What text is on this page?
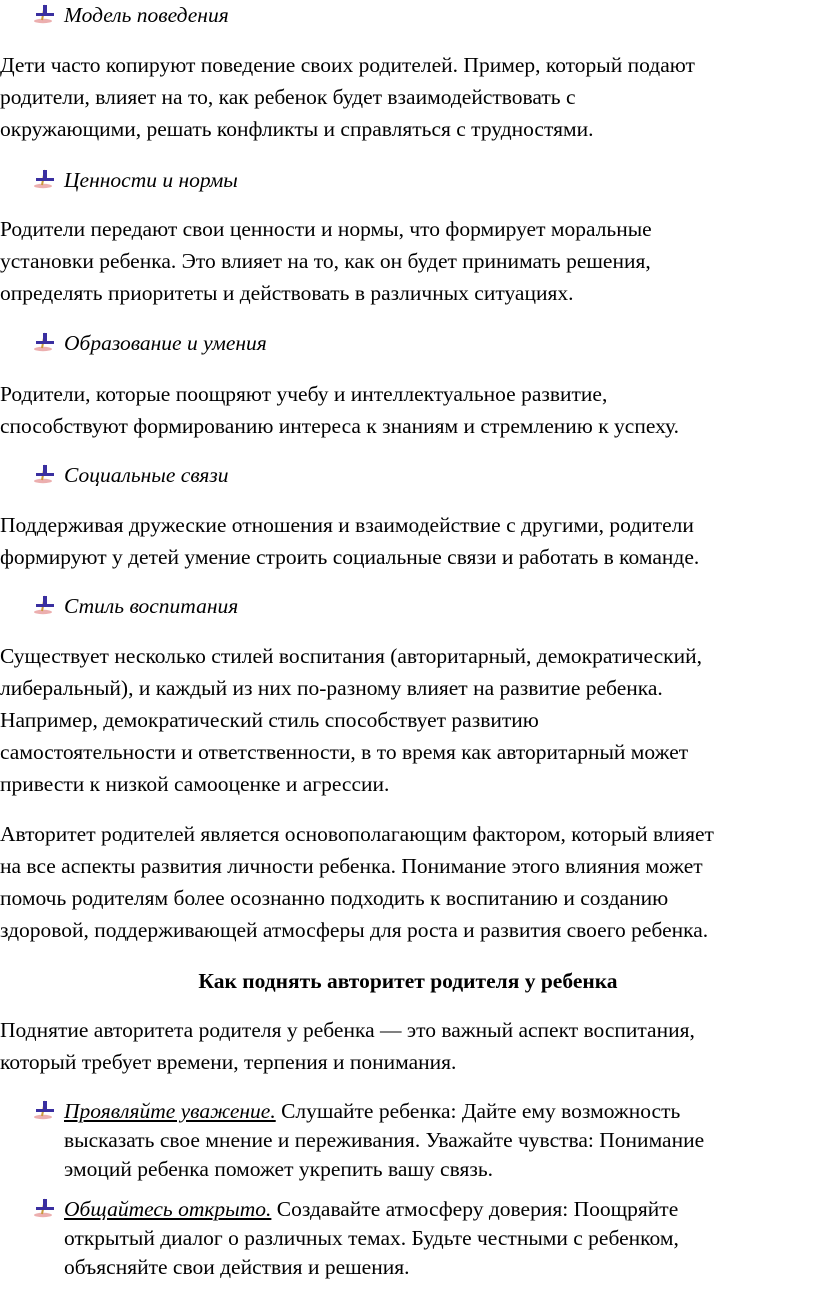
Модель поведения
Дети часто копируют поведение своих родителей. Пример, который подают
родители, влияет на то, как ребенок будет взаимодействовать с
окружающими, решать конфликты и справляться с трудностями.
Ценности и нормы
Родители передают свои ценности и нормы, что формирует моральные
установки ребенка. Это влияет на то, как он будет принимать решения,
определять приоритеты и действовать в различных ситуациях.
Образование и умения
Родители, которые поощряют учебу и интеллектуальное развитие,
способствуют формированию интереса к знаниям и стремлению к успеху.
Социальные связи
Поддерживая дружеские отношения и взаимодействие с другими, родители
формируют у детей умение строить социальные связи и работать в команде.
Стиль воспитания
Существует несколько стилей воспитания (авторитарный, демократический,
либеральный), и каждый из них по-разному влияет на развитие ребенка.
Например, демократический стиль способствует развитию
самостоятельности и ответственности, в то время как авторитарный может
привести к низкой самооценке и агрессии.
Авторитет родителей является основополагающим фактором, который влияет
на все аспекты развития личности ребенка. Понимание этого влияния может
помочь родителям более осознанно подходить к воспитанию и созданию
здоровой, поддерживающей атмосферы для роста и развития своего ребенка.
Как поднять авторитет родителя у ребенка
Поднятие авторитета родителя у ребенка — это важный аспект воспитания,
который требует времени, терпения и понимания.
Проявляйте уважение. Слушайте ребенка: Дайте ему возможность
высказать свое мнение и переживания. Уважайте чувства: Понимание
эмоций ребенка поможет укрепить вашу связь.
Общайтесь открыто. Создавайте атмосферу доверия: Поощряйте
открытый диалог о различных темах. Будьте честными с ребенком,
объясняйте свои действия и решения.
